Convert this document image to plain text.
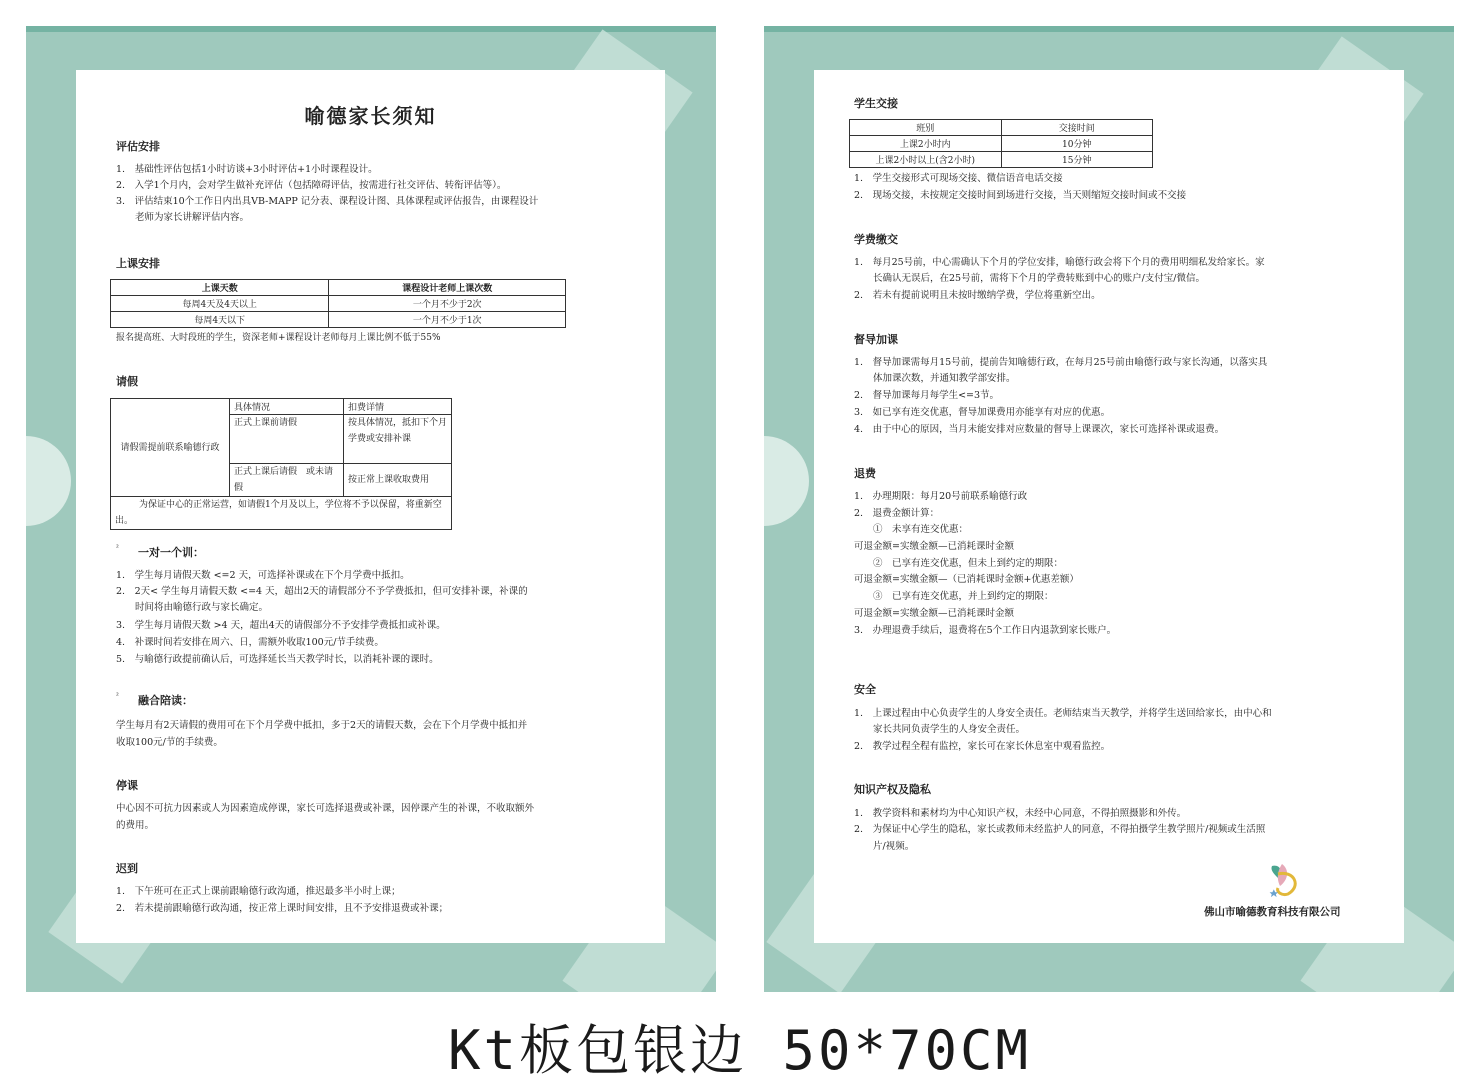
喻德家长须知
评估安排
1.　基础性评估包括1小时访谈+3小时评估+1小时课程设计。
2.　入学1个月内，会对学生做补充评估（包括障碍评估，按需进行社交评估、转衔评估等）。
3.　评估结束10个工作日内出具VB-MAPP 记分表、课程设计图、具体课程或评估报告，由课程设计
　　老师为家长讲解评估内容。
上课安排
上课天数	课程设计老师上课次数
每周4天及4天以上	一个月不少于2次
每周4天以下	一个月不少于1次
报名提高班、大时段班的学生，资深老师+课程设计老师每月上课比例不低于55%
请假
请假需提前联系喻德行政	具体情况	扣费详情
	正式上课前请假	按具体情况，抵扣下个月学费或安排补课
	正式上课后请假　或未请假	按正常上课收取费用
为保证中心的正常运营，如请假1个月及以上，学位将不予以保留，将重新空出。		
² 一对一个训：
1.　学生每月请假天数 <=2 天，可选择补课或在下个月学费中抵扣。
2.　2天< 学生每月请假天数 <=4 天，超出2天的请假部分不予学费抵扣，但可安排补课，补课的
　　时间将由喻德行政与家长确定。
3.　学生每月请假天数 >4 天，超出4天的请假部分不予安排学费抵扣或补课。
4.　补课时间若安排在周六、日，需额外收取100元/节手续费。
5.　与喻德行政提前确认后，可选择延长当天教学时长，以消耗补课的课时。
² 融合陪读：
学生每月有2天请假的费用可在下个月学费中抵扣，多于2天的请假天数，会在下个月学费中抵扣并
收取100元/节的手续费。
停课
中心因不可抗力因素或人为因素造成停课，家长可选择退费或补课，因停课产生的补课，不收取额外
的费用。
迟到
1.　下午班可在正式上课前跟喻德行政沟通，推迟最多半小时上课；
2.　若未提前跟喻德行政沟通，按正常上课时间安排，且不予安排退费或补课；
学生交接
班别	交接时间
上课2小时内	10分钟
上课2小时以上(含2小时)	15分钟
1.　学生交接形式可现场交接、微信语音电话交接
2.　现场交接，未按规定交接时间到场进行交接，当天则缩短交接时间或不交接
学费缴交
1.　每月25号前，中心需确认下个月的学位安排，喻德行政会将下个月的费用明细私发给家长。家
　　长确认无误后，在25号前，需将下个月的学费转账到中心的账户/支付宝/微信。
2.　若未有提前说明且未按时缴纳学费，学位将重新空出。
督导加课
1.　督导加课需每月15号前，提前告知喻德行政，在每月25号前由喻德行政与家长沟通，以落实具
　　体加课次数，并通知教学部安排。
2.　督导加课每月每学生<=3节。
3.　如已享有连交优惠，督导加课费用亦能享有对应的优惠。
4.　由于中心的原因，当月未能安排对应数量的督导上课课次，家长可选择补课或退费。
退费
1.　办理期限：每月20号前联系喻德行政
2.　退费金额计算：
　　①　未享有连交优惠：
可退金额=实缴金额—已消耗课时金额
　　②　已享有连交优惠，但未上到约定的期限：
可退金额=实缴金额—（已消耗课时金额+优惠差额）
　　③　已享有连交优惠，并上到约定的期限：
可退金额=实缴金额—已消耗课时金额
3.　办理退费手续后，退费将在5个工作日内退款到家长账户。
安全
1.　上课过程由中心负责学生的人身安全责任。老师结束当天教学，并将学生送回给家长，由中心和
　　家长共同负责学生的人身安全责任。
2.　教学过程全程有监控，家长可在家长休息室中观看监控。
知识产权及隐私
1.　教学资料和素材均为中心知识产权，未经中心同意，不得拍照摄影和外传。
2.　为保证中心学生的隐私，家长或教师未经监护人的同意，不得拍摄学生教学照片/视频或生活照
　　片/视频。
佛山市喻德教育科技有限公司
Kt板包银边 50*70CM
